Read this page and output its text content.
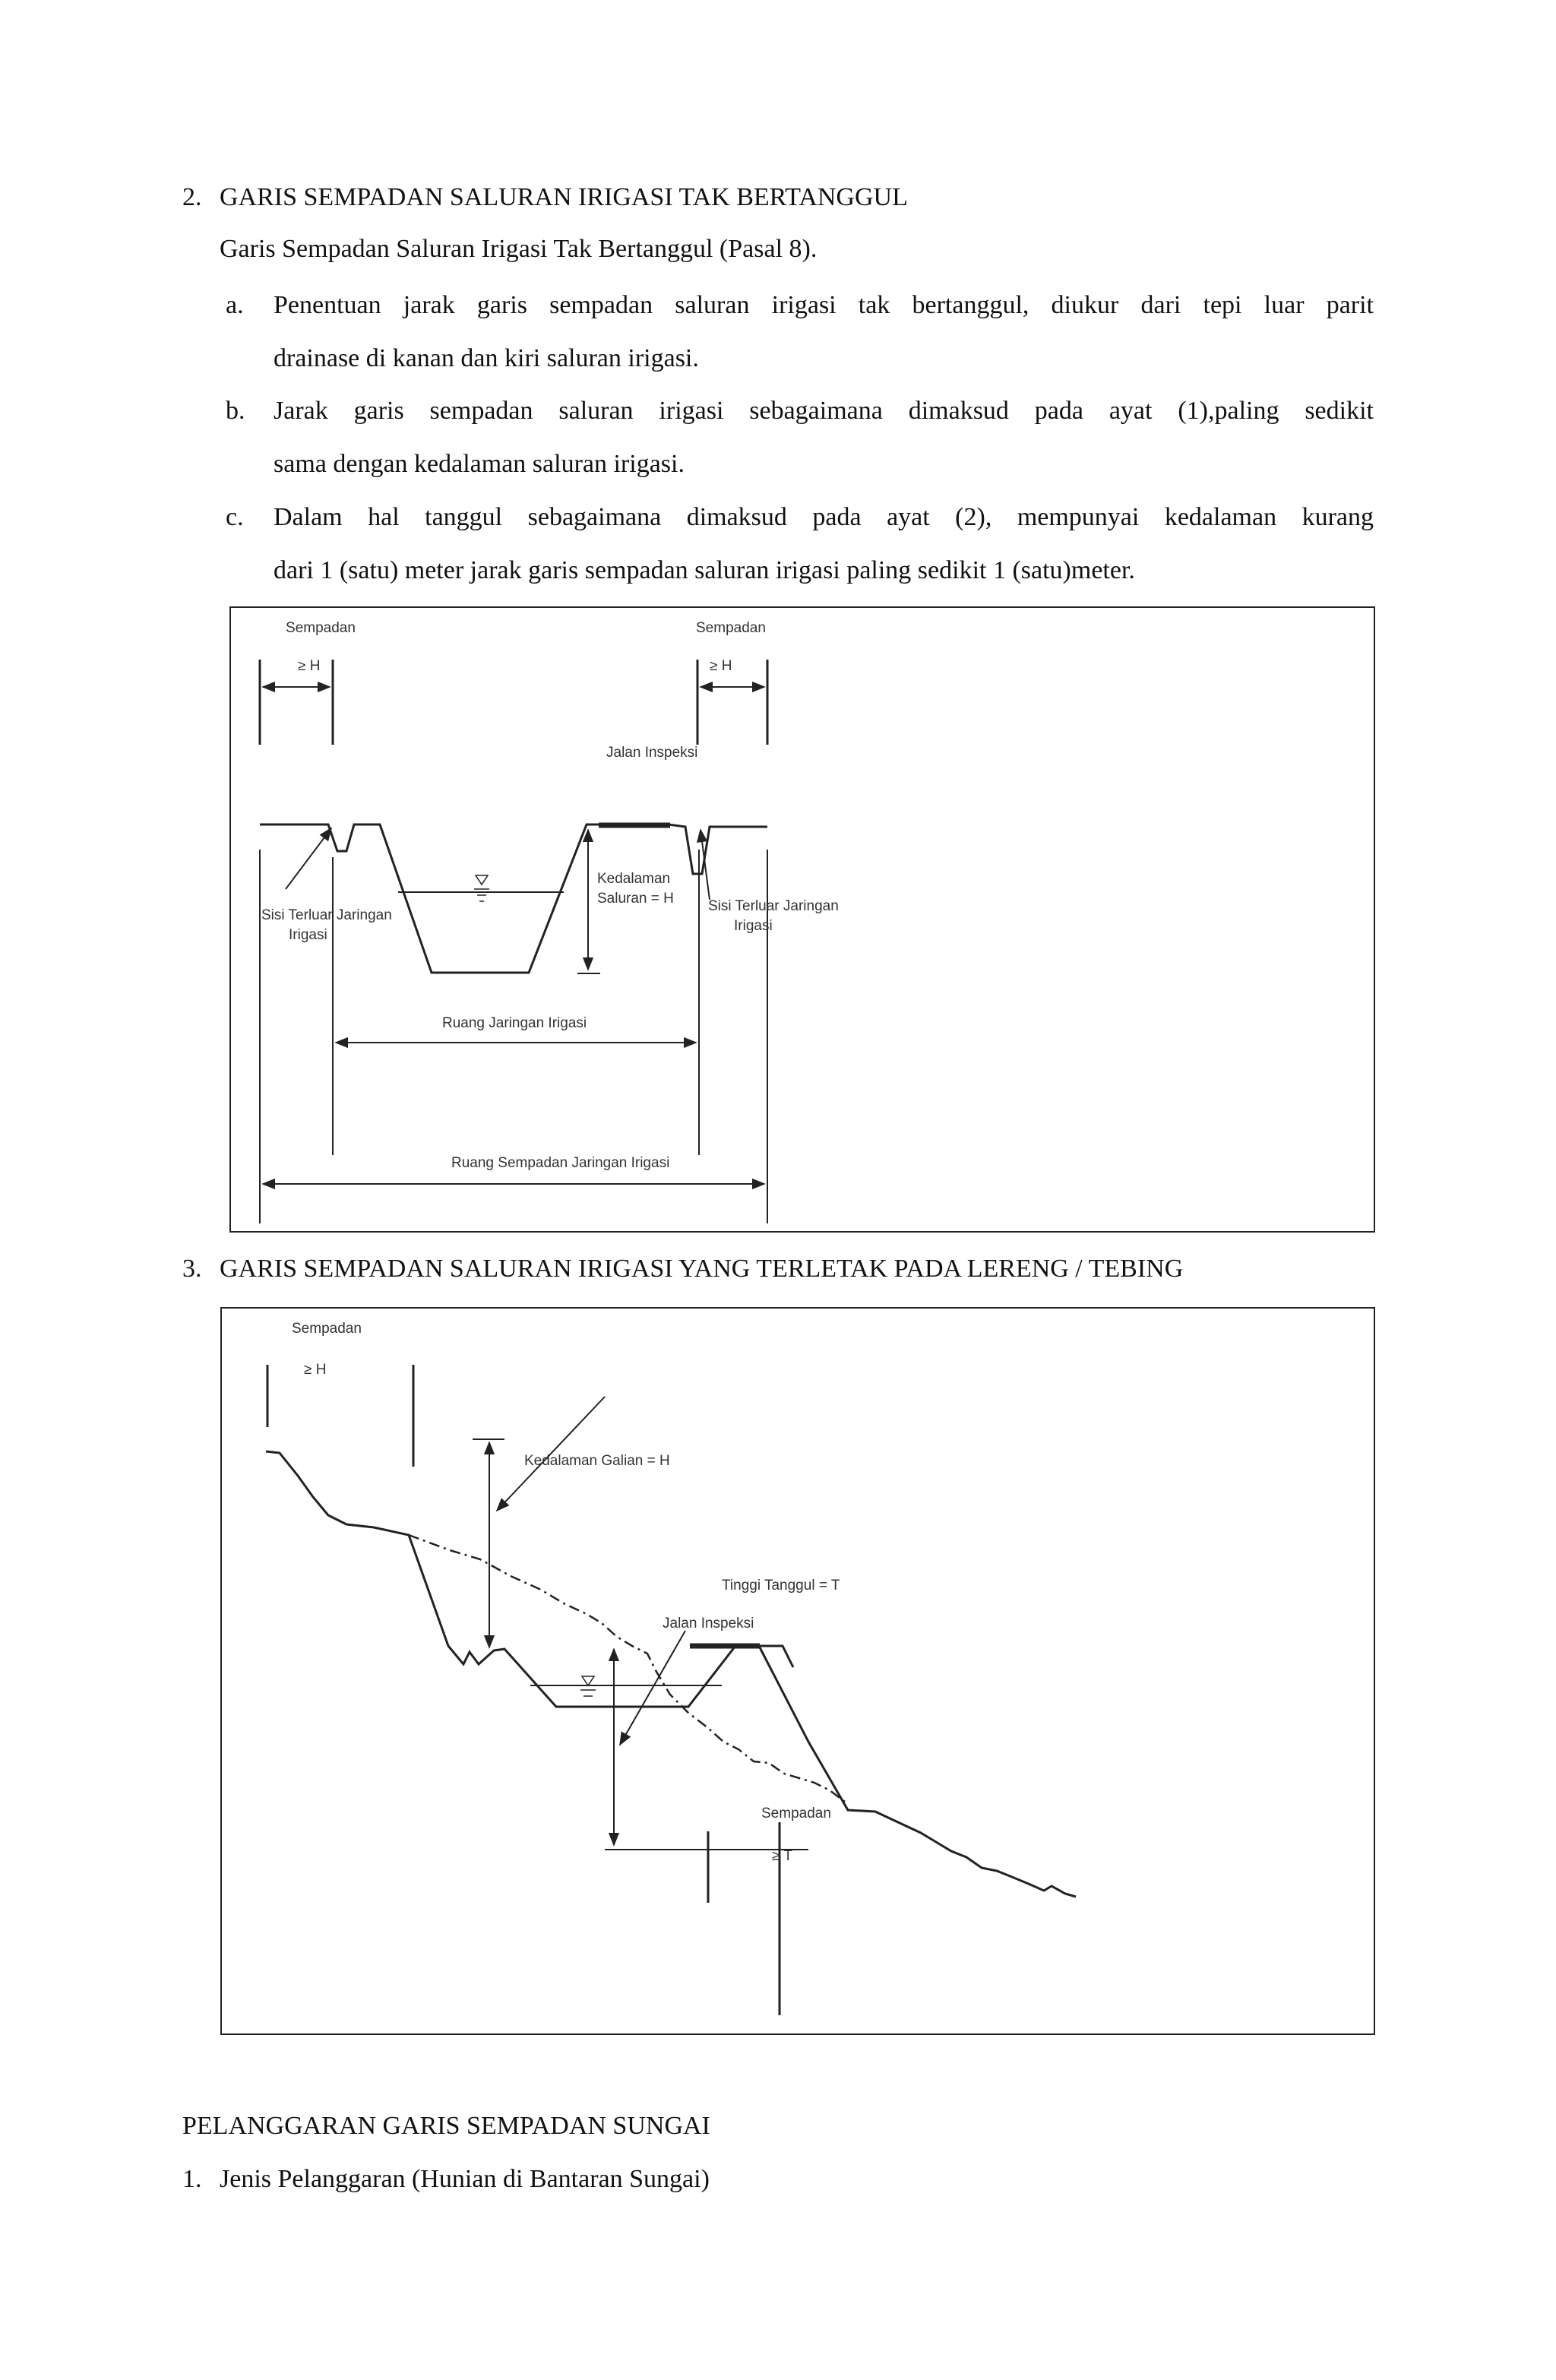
2. GARIS SEMPADAN SALURAN IRIGASI TAK BERTANGGUL
Garis Sempadan Saluran Irigasi Tak Bertanggul (Pasal 8).
a. Penentuan jarak garis sempadan saluran irigasi tak bertanggul, diukur dari tepi luar parit
drainase di kanan dan kiri saluran irigasi.
b. Jarak garis sempadan saluran irigasi sebagaimana dimaksud pada ayat (1),paling sedikit
sama dengan kedalaman saluran irigasi.
c. Dalam hal tanggul sebagaimana dimaksud pada ayat (2), mempunyai kedalaman kurang
dari 1 (satu) meter jarak garis sempadan saluran irigasi paling sedikit 1 (satu)meter.
Sempadan
≥ H
Sempadan
≥ H
Jalan Inspeksi
Kedalaman
Saluran = H
Sisi Terluar Jaringan
Irigasi
Sisi Terluar Jaringan
Irigasi
Ruang Jaringan Irigasi
Ruang Sempadan Jaringan Irigasi
3. GARIS SEMPADAN SALURAN IRIGASI YANG TERLETAK PADA LERENG / TEBING
Sempadan
≥ H
Kedalaman Galian = H
Jalan Inspeksi
Tinggi Tanggul = T
Sempadan
≥ T
PELANGGARAN GARIS SEMPADAN SUNGAI
1. Jenis Pelanggaran (Hunian di Bantaran Sungai)
